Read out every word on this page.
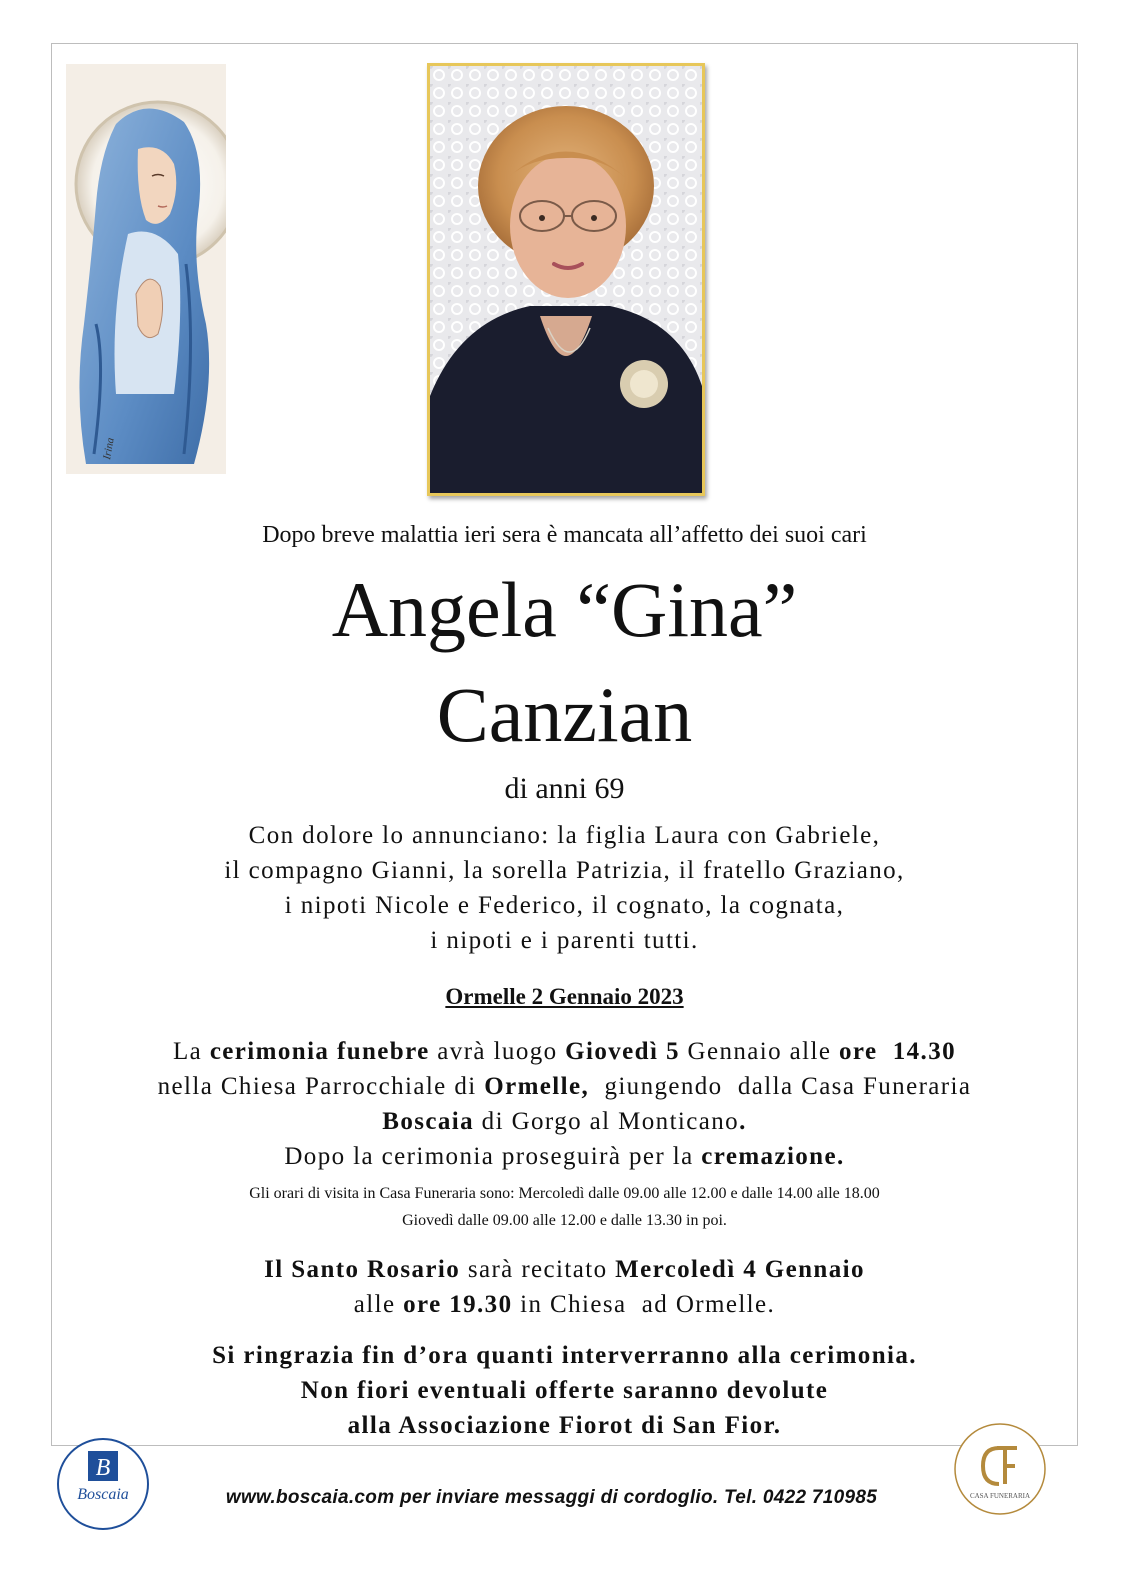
Irina
Dopo breve malattia ieri sera è mancata all’affetto dei suoi cari
Angela “Gina”
Canzian
di anni 69
Con dolore lo annunciano: la figlia Laura con Gabriele,
il compagno Gianni, la sorella Patrizia, il fratello Graziano,
i nipoti Nicole e Federico, il cognato, la cognata,
i nipoti e i parenti tutti.
Ormelle 2 Gennaio 2023
La cerimonia funebre avrà luogo Giovedì 5 Gennaio alle ore  14.30
nella Chiesa Parrocchiale di Ormelle,  giungendo  dalla Casa Funeraria
Boscaia di Gorgo al Monticano.
Dopo la cerimonia proseguirà per la cremazione.
Gli orari di visita in Casa Funeraria sono: Mercoledì dalle 09.00 alle 12.00 e dalle 14.00 alle 18.00
Giovedì dalle 09.00 alle 12.00 e dalle 13.30 in poi.
Il Santo Rosario sarà recitato Mercoledì 4 Gennaio
alle ore 19.30 in Chiesa  ad Ormelle.
Si ringrazia fin d’ora quanti interverranno alla cerimonia.
Non fiori eventuali offerte saranno devolute
alla Associazione Fiorot di San Fior.
B
Boscaia	www.boscaia.com per inviare messaggi di cordoglio. Tel. 0422 710985	CASA FUNERARIA
